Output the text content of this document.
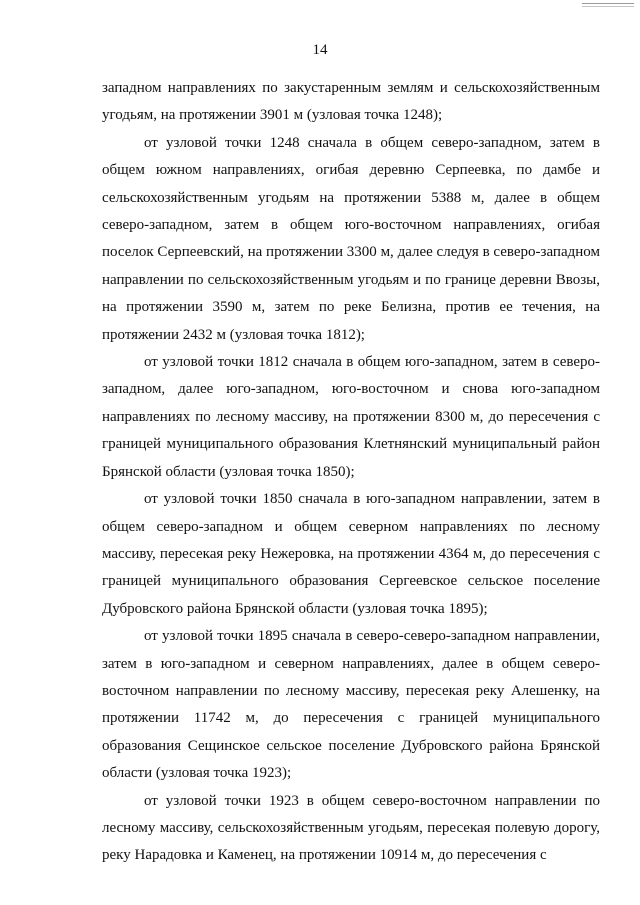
14

западном направлениях по закустаренным землям и сельскохозяйственным угодьям, на протяжении 3901 м (узловая точка 1248);

от узловой точки 1248 сначала в общем северо-западном, затем в общем южном направлениях, огибая деревню Серпеевка, по дамбе и сельскохозяйственным угодьям на протяжении 5388 м, далее в общем северо-западном, затем в общем юго-восточном направлениях, огибая поселок Серпеевский, на протяжении 3300 м, далее следуя в северо-западном направлении по сельскохозяйственным угодьям и по границе деревни Ввозы, на протяжении 3590 м, затем по реке Белизна, против ее течения, на протяжении 2432 м (узловая точка 1812);

от узловой точки 1812 сначала в общем юго-западном, затем в северо-западном, далее юго-западном, юго-восточном и снова юго-западном направлениях по лесному массиву, на протяжении 8300 м, до пересечения с границей муниципального образования Клетнянский муниципальный район Брянской области (узловая точка 1850);

от узловой точки 1850 сначала в юго-западном направлении, затем в общем северо-западном и общем северном направлениях по лесному массиву, пересекая реку Нежеровка, на протяжении 4364 м, до пересечения с границей муниципального образования Сергеевское сельское поселение Дубровского района Брянской области (узловая точка 1895);

от узловой точки 1895 сначала в северо-северо-западном направлении, затем в юго-западном и северном направлениях, далее в общем северо-восточном направлении по лесному массиву, пересекая реку Алешенку, на протяжении 11742 м, до пересечения с границей муниципального образования Сещинское сельское поселение Дубровского района Брянской области (узловая точка 1923);

от узловой точки 1923 в общем северо-восточном направлении по лесному массиву, сельскохозяйственным угодьям, пересекая полевую дорогу, реку Нарадовка и Каменец, на протяжении 10914 м, до пересечения с
